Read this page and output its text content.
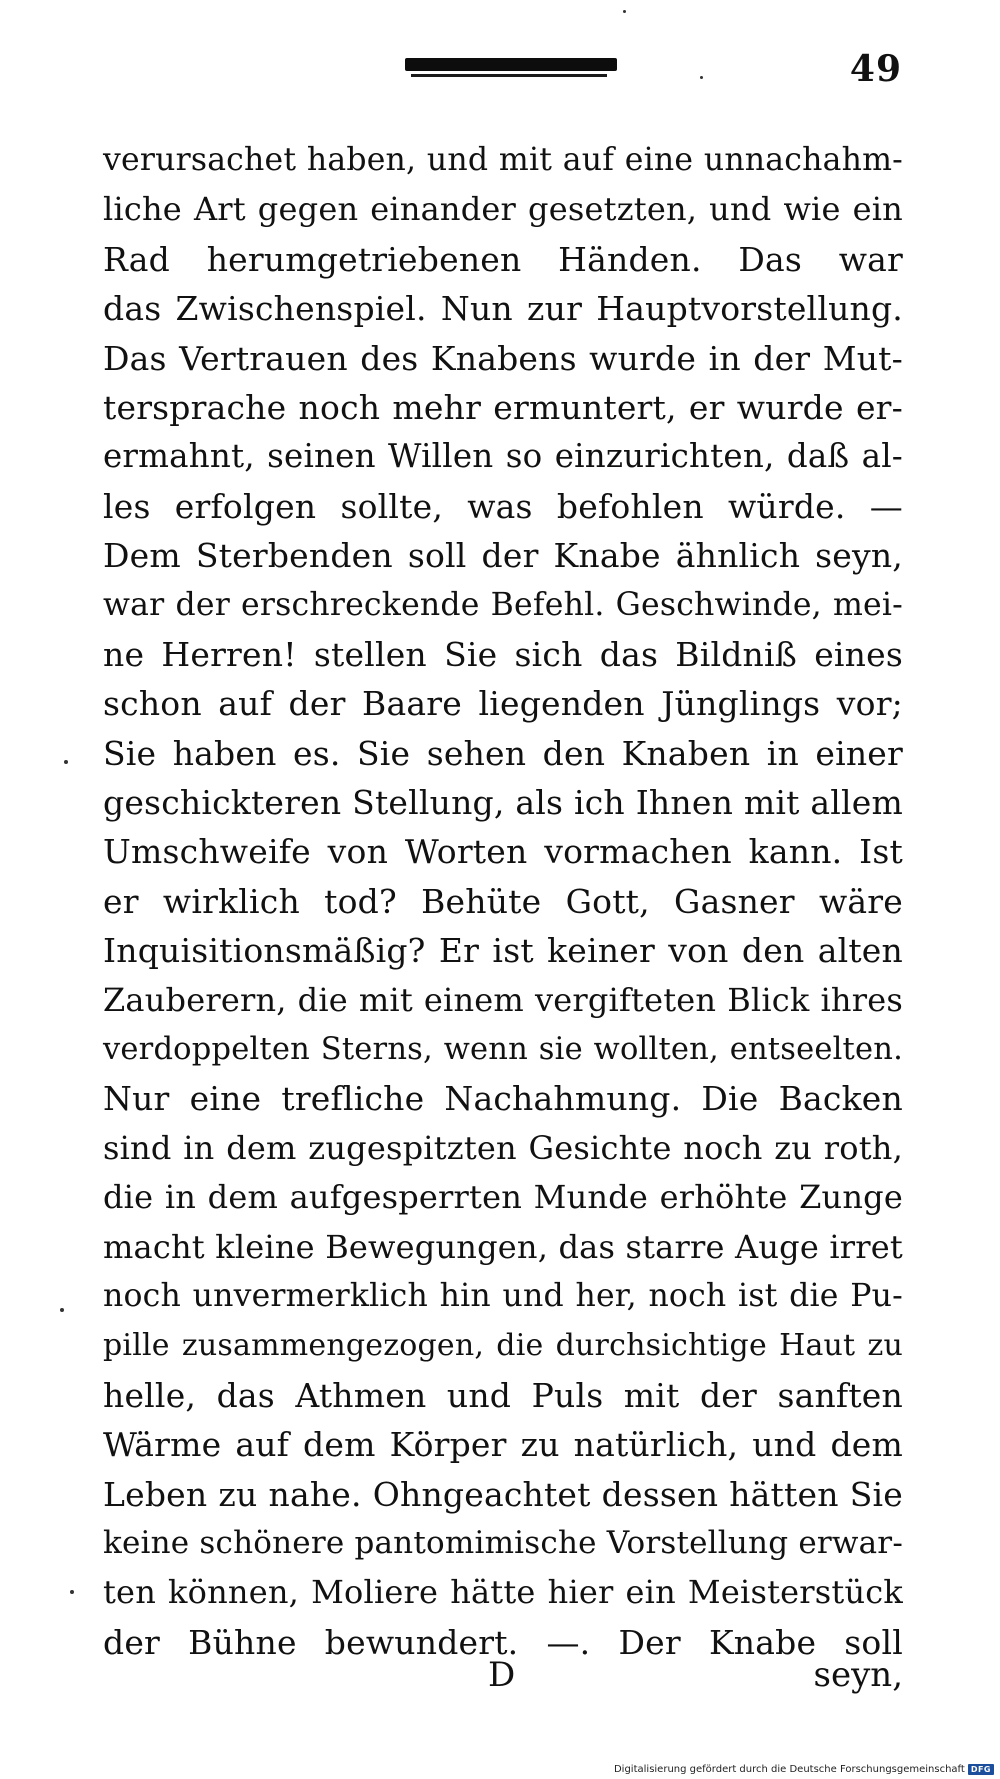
49
verursachet haben, und mit auf eine unnachahm-
liche Art gegen einander gesetzten, und wie ein
Rad herumgetriebenen Händen. Das war
das Zwischenspiel. Nun zur Hauptvorstellung.
Das Vertrauen des Knabens wurde in der Mut-
tersprache noch mehr ermuntert, er wurde er-
ermahnt, seinen Willen so einzurichten, daß al-
les erfolgen sollte, was befohlen würde. —
Dem Sterbenden soll der Knabe ähnlich seyn,
war der erschreckende Befehl. Geschwinde, mei-
ne Herren! stellen Sie sich das Bildniß eines
schon auf der Baare liegenden Jünglings vor;
Sie haben es. Sie sehen den Knaben in einer
geschickteren Stellung, als ich Ihnen mit allem
Umschweife von Worten vormachen kann. Ist
er wirklich tod? Behüte Gott, Gasner wäre
Inquisitionsmäßig? Er ist keiner von den alten
Zauberern, die mit einem vergifteten Blick ihres
verdoppelten Sterns, wenn sie wollten, entseelten.
Nur eine trefliche Nachahmung. Die Backen
sind in dem zugespitzten Gesichte noch zu roth,
die in dem aufgesperrten Munde erhöhte Zunge
macht kleine Bewegungen, das starre Auge irret
noch unvermerklich hin und her, noch ist die Pu-
pille zusammengezogen, die durchsichtige Haut zu
helle, das Athmen und Puls mit der sanften
Wärme auf dem Körper zu natürlich, und dem
Leben zu nahe. Ohngeachtet dessen hätten Sie
keine schönere pantomimische Vorstellung erwar-
ten können, Moliere hätte hier ein Meisterstück
der Bühne bewundert. —. Der Knabe soll
D	seyn,
Digitalisierung gefördert durch die Deutsche Forschungsgemeinschaft DFG
